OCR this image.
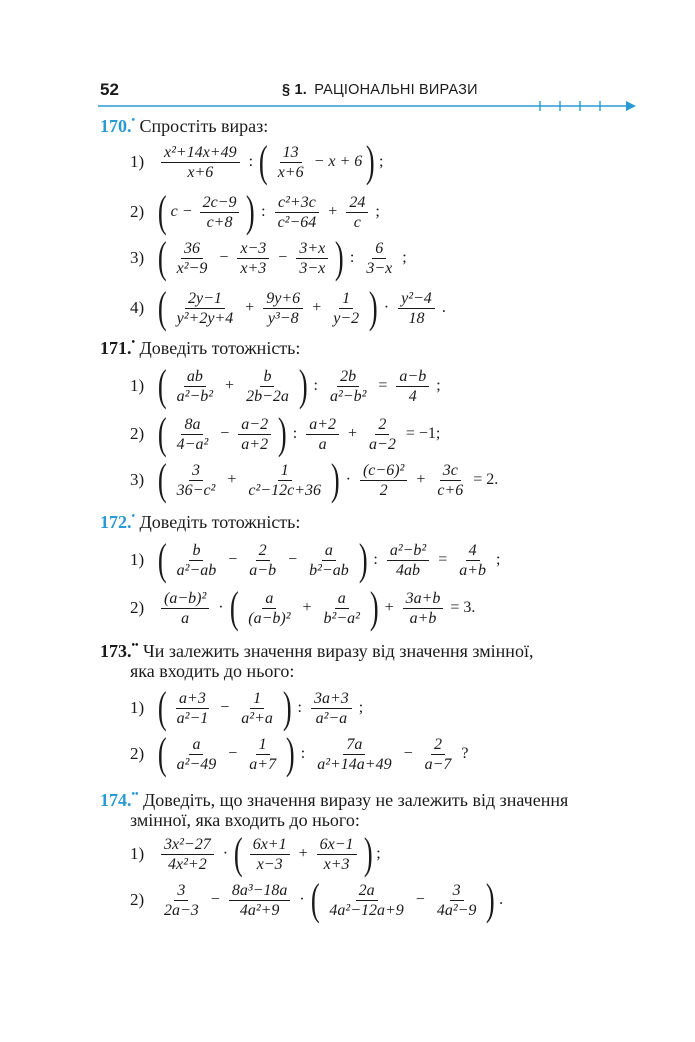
52	§ 1. РАЦІОНАЛЬНІ ВИРАЗИ
170.• Спростіть вираз:
1)	x²+14x+49
x+6
: ( 13
x+6
− x + 6 ) ;
2) ( $c - \frac{2c-9}{c+8}$ ) :
c²+3c
c²−64
+ $\frac{24}{c}$ ;
3) ( 36
x²−9
− $\frac{x-3}{x+3} - \frac{3+x}{3-x}$ ) :
6
3−x
;
4) ( 2y−1
y²+2y+4
+ $\frac{9y+6}{\text{y³−8}} + \frac{1}{y-2}$ ) ·
y²−4
18
.
171.• Доведіть тотожність:
1) ( ab
a²−b²
+ $\frac{b}{2b-2a}$ ) : $\frac{2b}{\text{a²−b²}} = \frac{a-b}{4}$ ;
2) ( 8a
4−a²
− $\frac{a-2}{a+2}$ ) :
a+2
a
+ $\frac{2}{a-2} = -1$;
3) ( 3
36−c²
+ $\frac{1}{\text{c²−12c+36}}$ ) ·
(c−6)²
2
+ $\frac{3c}{c+6} = 2$.
172.• Доведіть тотожність:
1) ( b
a²−ab
− $\frac{2}{a-b} - \frac{a}{\text{b²−ab}}$ ) : $\frac{\text{a²−b²}}{4ab} = \frac{4}{a+b}$ ;
2)	(a−b)²
a
· ( a
(a−b)²
+ $\frac{a}{\text{b²−a²}}$ ) + $\frac{3a+b}{a+b} = 3$.
173.•• Чи залежить значення виразу від значення змінної,
яка входить до нього:
1) ( a+3
a²−1
− $\frac{1}{\text{a²+a}}$ ) :
3a+3
a²−a
;
2) ( a
a²−49
− $\frac{1}{a+7}$ ) :
7a
a²+14a+49
− $\frac{2}{a-7}$ ?
174.•• Доведіть, що значення виразу не залежить від значення
змінної, яка входить до нього:
1)	3x²−27
4x²+2
· ( 6x+1
x−3
+ $\frac{6x-1}{x+3}$ ) ;
2)	3
2a−3
− $\frac{\text{8a³−18a}}{\text{4a²+9}}$ · ( 2a
4a²−12a+9
− $\frac{3}{\text{4a²−9}}$ ) .
